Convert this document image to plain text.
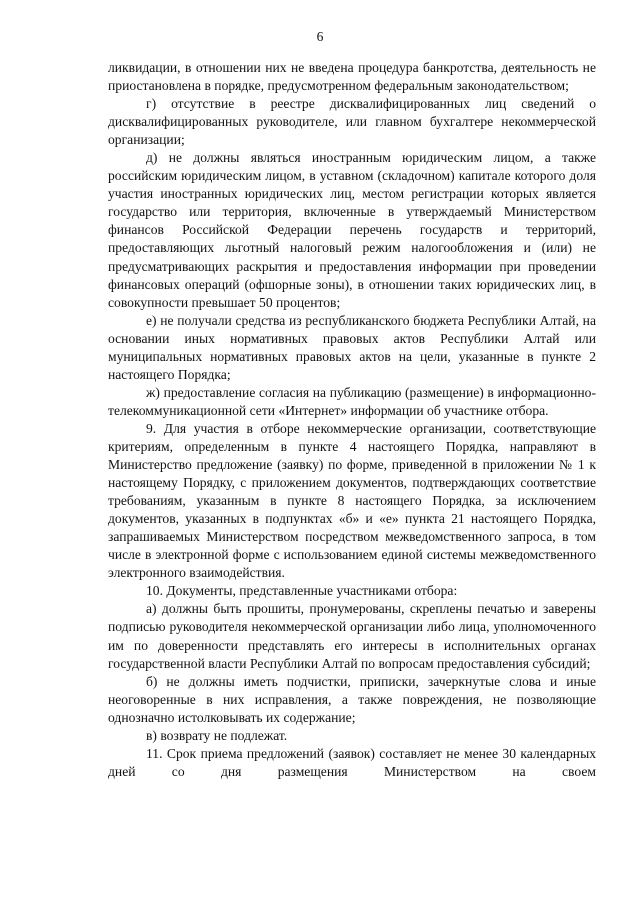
6

ликвидации, в отношении них не введена процедура банкротства, деятельность не приостановлена в порядке, предусмотренном федеральным законодательством;

г) отсутствие в реестре дисквалифицированных лиц сведений о дисквалифицированных руководителе, или главном бухгалтере некоммерческой организации;

д) не должны являться иностранным юридическим лицом, а также российским юридическим лицом, в уставном (складочном) капитале которого доля участия иностранных юридических лиц, местом регистрации которых является государство или территория, включенные в утверждаемый Министерством финансов Российской Федерации перечень государств и территорий, предоставляющих льготный налоговый режим налогообложения и (или) не предусматривающих раскрытия и предоставления информации при проведении финансовых операций (офшорные зоны), в отношении таких юридических лиц, в совокупности превышает 50 процентов;

е) не получали средства из республиканского бюджета Республики Алтай, на основании иных нормативных правовых актов Республики Алтай или муниципальных нормативных правовых актов на цели, указанные в пункте 2 настоящего Порядка;

ж) предоставление согласия на публикацию (размещение) в информационно-телекоммуникационной сети «Интернет» информации об участнике отбора.

9. Для участия в отборе некоммерческие организации, соответствующие критериям, определенным в пункте 4 настоящего Порядка, направляют в Министерство предложение (заявку) по форме, приведенной в приложении № 1 к настоящему Порядку, с приложением документов, подтверждающих соответствие требованиям, указанным в пункте 8 настоящего Порядка, за исключением документов, указанных в подпунктах «б» и «е» пункта 21 настоящего Порядка, запрашиваемых Министерством посредством межведомственного запроса, в том числе в электронной форме с использованием единой системы межведомственного электронного взаимодействия.

10. Документы, представленные участниками отбора:

а) должны быть прошиты, пронумерованы, скреплены печатью и заверены подписью руководителя некоммерческой организации либо лица, уполномоченного им по доверенности представлять его интересы в исполнительных органах государственной власти Республики Алтай по вопросам предоставления субсидий;

б) не должны иметь подчистки, приписки, зачеркнутые слова и иные неоговоренные в них исправления, а также повреждения, не позволяющие однозначно истолковывать их содержание;

в) возврату не подлежат.

11. Срок приема предложений (заявок) составляет не менее 30 календарных дней со дня размещения Министерством на своем
